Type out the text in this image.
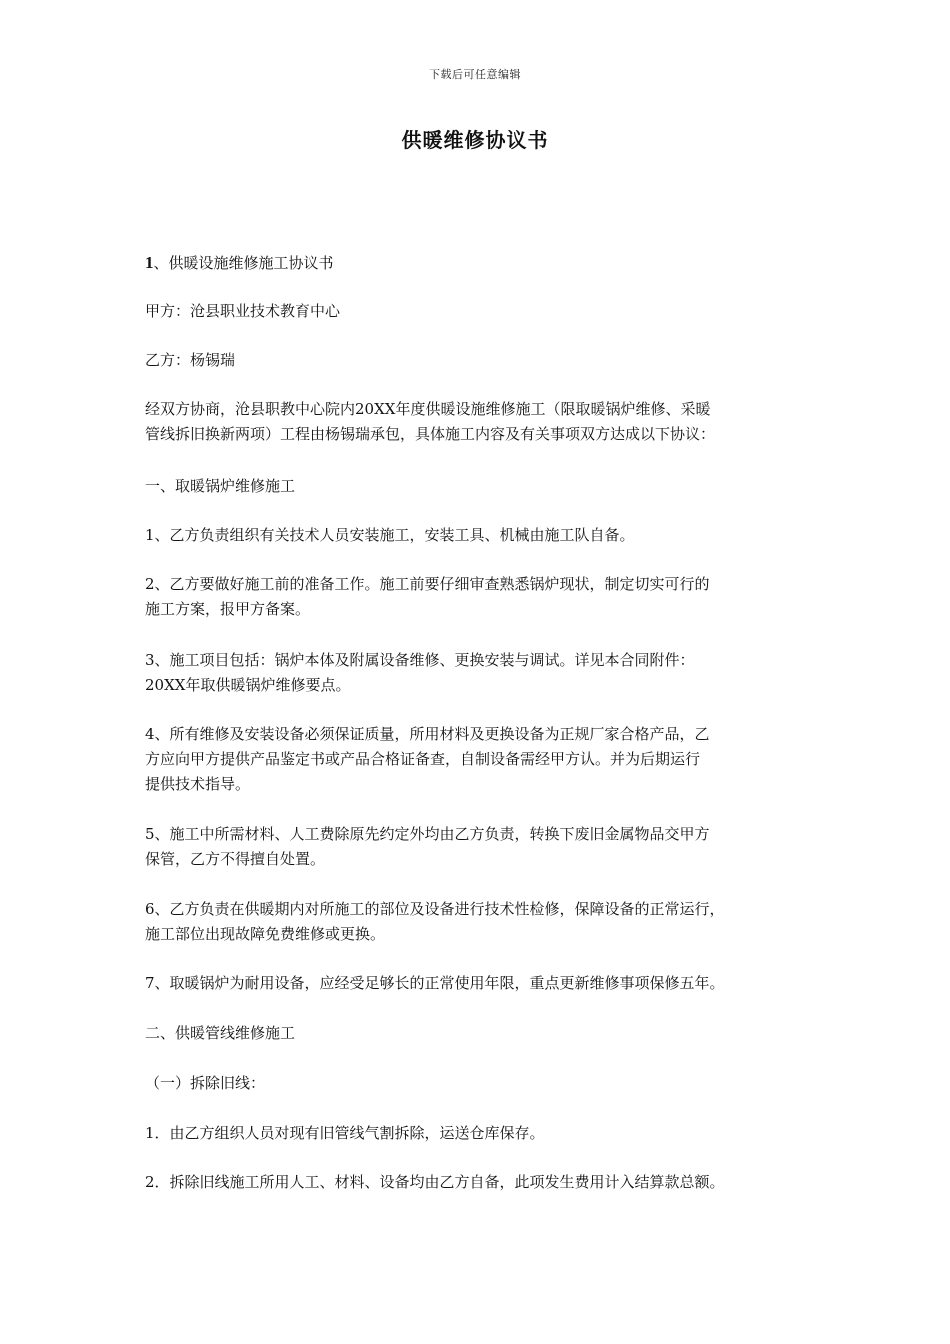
下载后可任意编辑
供暖维修协议书
1、供暖设施维修施工协议书
甲方：沧县职业技术教育中心
乙方：杨锡瑞
经双方协商，沧县职教中心院内20XX年度供暖设施维修施工（限取暖锅炉维修、采暖
管线拆旧换新两项）工程由杨锡瑞承包，具体施工内容及有关事项双方达成以下协议：
一、取暖锅炉维修施工
1、乙方负责组织有关技术人员安装施工，安装工具、机械由施工队自备。
2、乙方要做好施工前的准备工作。施工前要仔细审查熟悉锅炉现状，制定切实可行的
施工方案，报甲方备案。
3、施工项目包括：锅炉本体及附属设备维修、更换安装与调试。详见本合同附件：
20XX年取供暖锅炉维修要点。
4、所有维修及安装设备必须保证质量，所用材料及更换设备为正规厂家合格产品，乙
方应向甲方提供产品鉴定书或产品合格证备查，自制设备需经甲方认。并为后期运行
提供技术指导。
5、施工中所需材料、人工费除原先约定外均由乙方负责，转换下废旧金属物品交甲方
保管，乙方不得擅自处置。
6、乙方负责在供暖期内对所施工的部位及设备进行技术性检修，保障设备的正常运行，
施工部位出现故障免费维修或更换。
7、取暖锅炉为耐用设备，应经受足够长的正常使用年限，重点更新维修事项保修五年。
二、供暖管线维修施工
（一）拆除旧线：
1．由乙方组织人员对现有旧管线气割拆除，运送仓库保存。
2．拆除旧线施工所用人工、材料、设备均由乙方自备，此项发生费用计入结算款总额。
